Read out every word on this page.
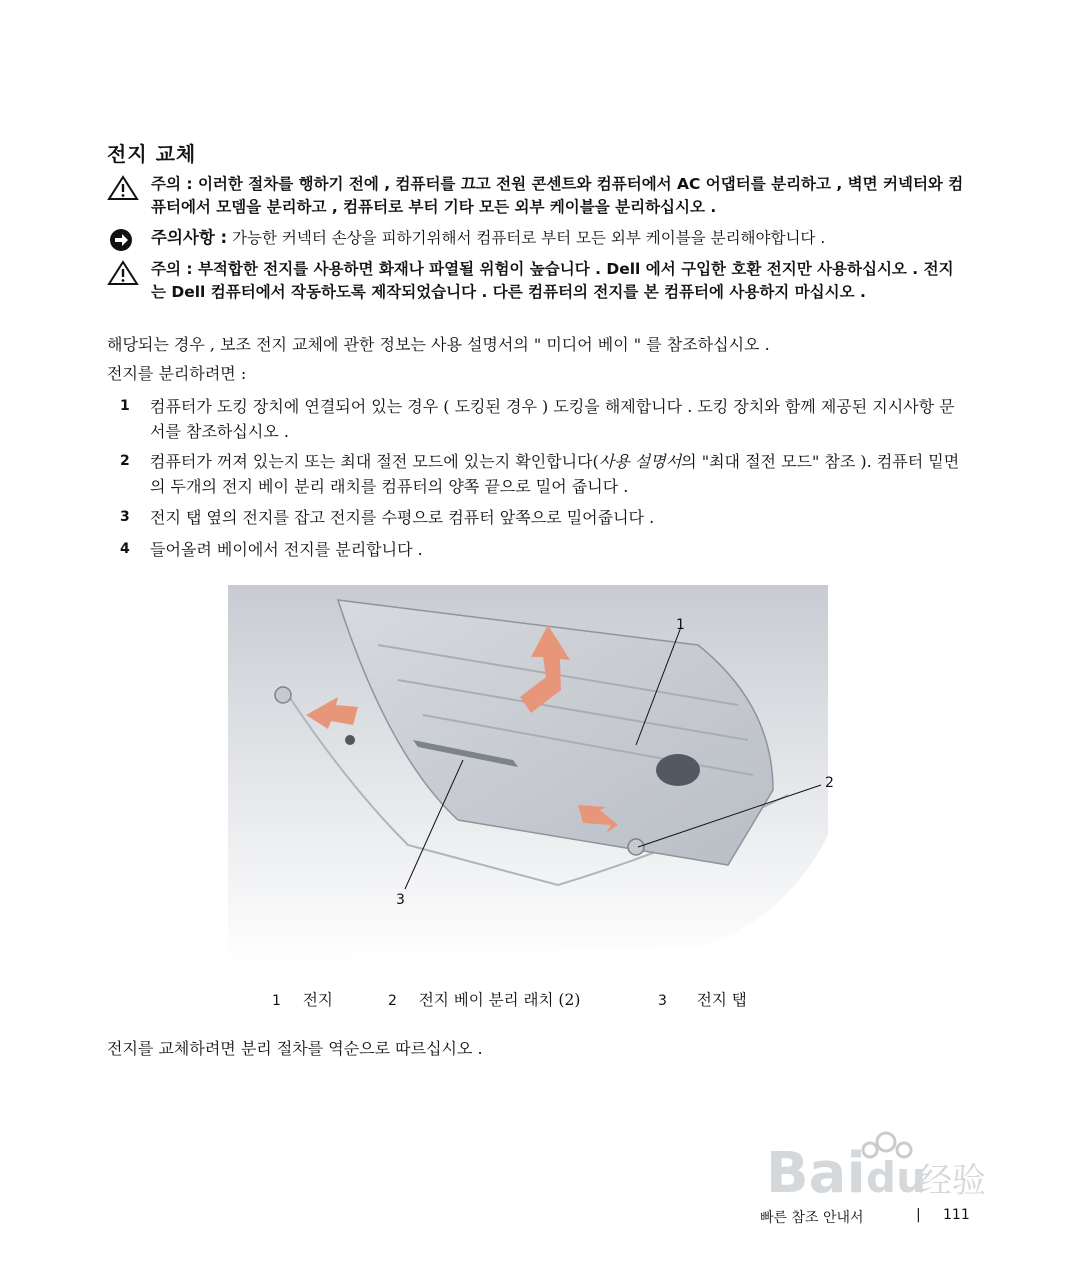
전지 교체
주의 : 이러한 절차를 행하기 전에 , 컴퓨터를 끄고 전원 콘센트와 컴퓨터에서 AC 어댑터를 분리하고 , 벽면 커넥터와 컴퓨터에서 모뎀을 분리하고 , 컴퓨터로 부터 기타 모든 외부 케이블을 분리하십시오 .
주의사항 : 가능한 커넥터 손상을 피하기위해서 컴퓨터로 부터 모든 외부 케이블을 분리해야합니다 .
주의 : 부적합한 전지를 사용하면 화재나 파열될 위험이 높습니다 . Dell 에서 구입한 호환 전지만 사용하십시오 . 전지는 Dell 컴퓨터에서 작동하도록 제작되었습니다 . 다른 컴퓨터의 전지를 본 컴퓨터에 사용하지 마십시오 .
해당되는 경우 , 보조 전지 교체에 관한 정보는 사용 설명서의 " 미디어 베이 " 를 참조하십시오 .
전지를 분리하려면 :
1 컴퓨터가 도킹 장치에 연결되어 있는 경우 ( 도킹된 경우 ) 도킹을 해제합니다 . 도킹 장치와 함께 제공된 지시사항 문서를 참조하십시오 .
2 컴퓨터가 꺼져 있는지 또는 최대 절전 모드에 있는지 확인합니다(사용 설명서의 "최대 절전 모드" 참조 ). 컴퓨터 밑면의 두개의 전지 베이 분리 래치를 컴퓨터의 양쪽 끝으로 밀어 줍니다 .
3 전지 탭 옆의 전지를 잡고 전지를 수평으로 컴퓨터 앞쪽으로 밀어줍니다 .
4 들어올려 베이에서 전지를 분리합니다 .
1
2
3
1 전지	2 전지 베이 분리 래치 (2)	3 전지 탭
전지를 교체하려면 분리 절차를 역순으로 따르십시오 .
Bai du
经验
빠른 참조 안내서	| 111
